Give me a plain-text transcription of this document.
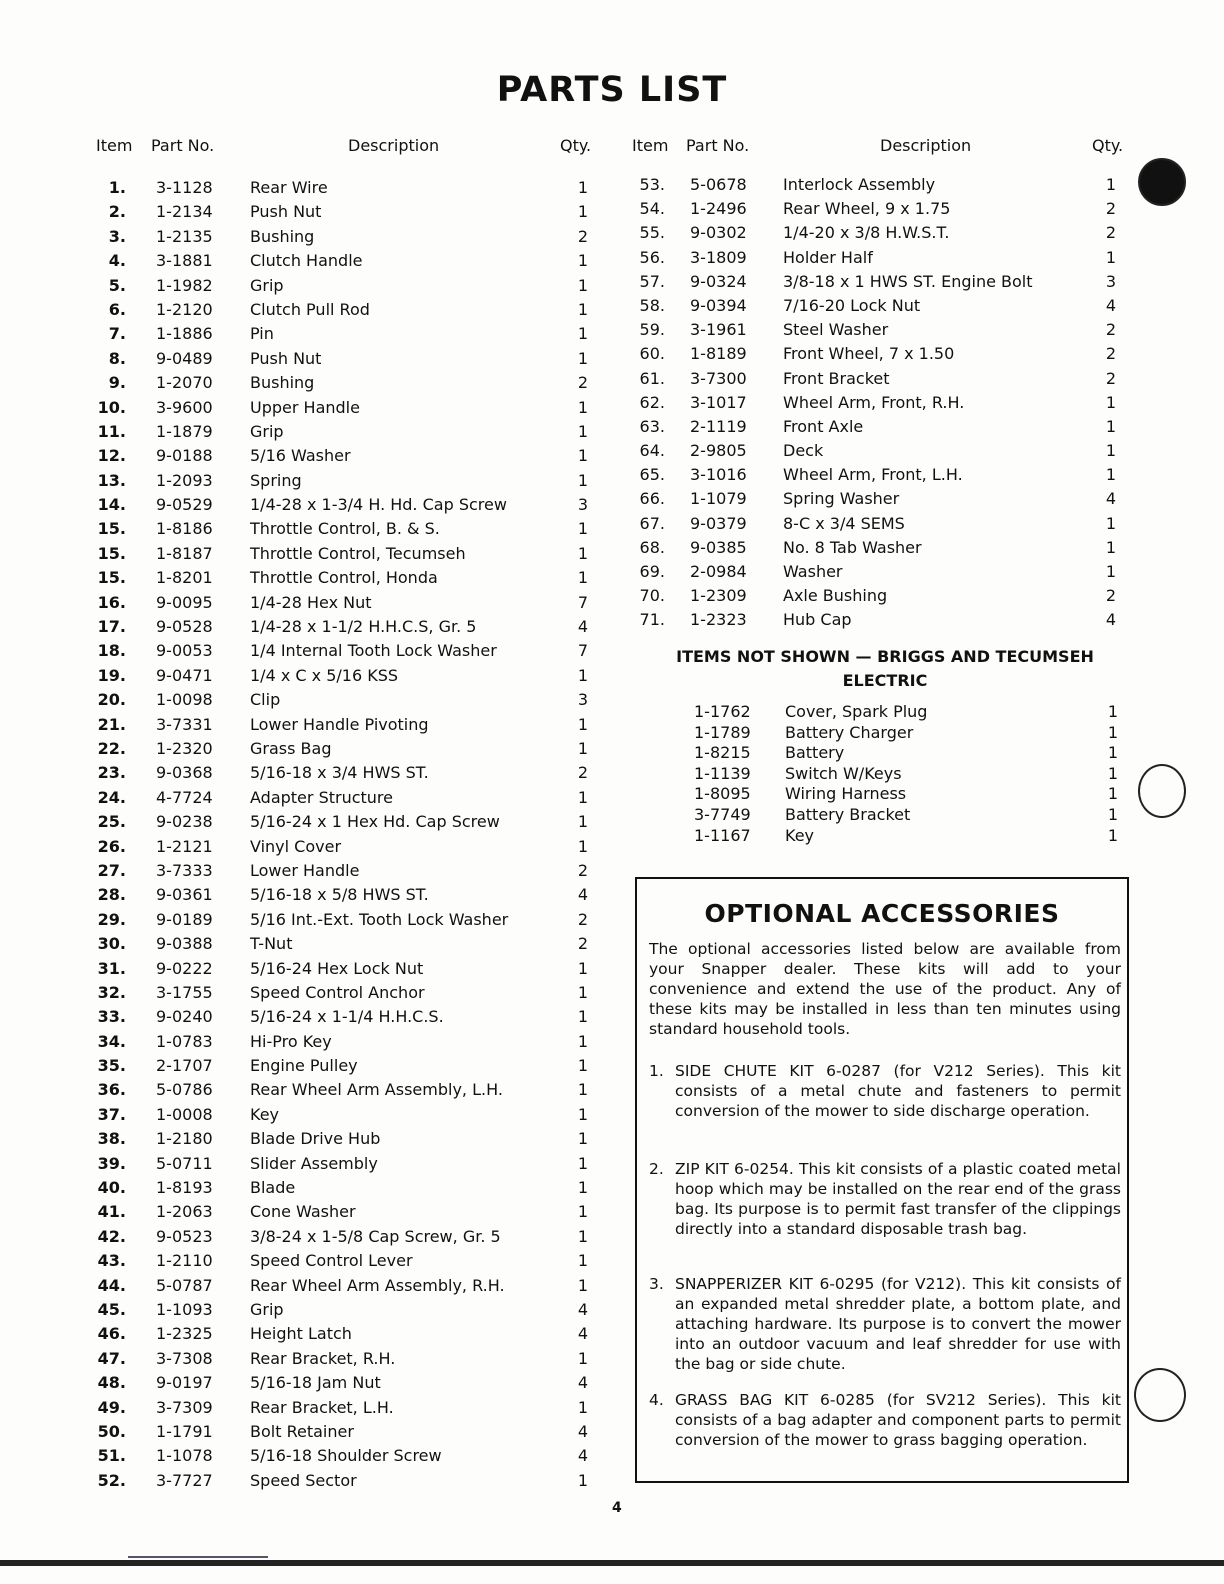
PARTS LIST
Item Part No.	Description	Qty.	Item Part No.	Description	Qty.
1. 3-1128 Rear Wire	1
2. 1-2134 Push Nut	1
3. 1-2135 Bushing	2
4. 3-1881 Clutch Handle	1
5. 1-1982 Grip	1
6. 1-2120 Clutch Pull Rod	1
7. 1-1886 Pin	1
8. 9-0489 Push Nut	1
9. 1-2070 Bushing	2
10. 3-9600 Upper Handle	1
11. 1-1879 Grip	1
12. 9-0188 5/16 Washer	1
13. 1-2093 Spring	1
14. 9-0529 1/4-28 x 1-3/4 H. Hd. Cap Screw	3
15. 1-8186 Throttle Control, B. & S.	1
15. 1-8187 Throttle Control, Tecumseh	1
15. 1-8201 Throttle Control, Honda	1
16. 9-0095 1/4-28 Hex Nut	7
17. 9-0528 1/4-28 x 1-1/2 H.H.C.S, Gr. 5	4
18. 9-0053 1/4 Internal Tooth Lock Washer	7
19. 9-0471 1/4 x C x 5/16 KSS	1
20. 1-0098 Clip	3
21. 3-7331 Lower Handle Pivoting	1
22. 1-2320 Grass Bag	1
23. 9-0368 5/16-18 x 3/4 HWS ST.	2
24. 4-7724 Adapter Structure	1
25. 9-0238 5/16-24 x 1 Hex Hd. Cap Screw	1
26. 1-2121 Vinyl Cover	1
27. 3-7333 Lower Handle	2
28. 9-0361 5/16-18 x 5/8 HWS ST.	4
29. 9-0189 5/16 Int.-Ext. Tooth Lock Washer	2
30. 9-0388 T-Nut	2
31. 9-0222 5/16-24 Hex Lock Nut	1
32. 3-1755 Speed Control Anchor	1
33. 9-0240 5/16-24 x 1-1/4 H.H.C.S.	1
34. 1-0783 Hi-Pro Key	1
35. 2-1707 Engine Pulley	1
36. 5-0786 Rear Wheel Arm Assembly, L.H.	1
37. 1-0008 Key	1
38. 1-2180 Blade Drive Hub	1
39. 5-0711 Slider Assembly	1
40. 1-8193 Blade	1
41. 1-2063 Cone Washer	1
42. 9-0523 3/8-24 x 1-5/8 Cap Screw, Gr. 5	1
43. 1-2110 Speed Control Lever	1
44. 5-0787 Rear Wheel Arm Assembly, R.H.	1
45. 1-1093 Grip	4
46. 1-2325 Height Latch	4
47. 3-7308 Rear Bracket, R.H.	1
48. 9-0197 5/16-18 Jam Nut	4
49. 3-7309 Rear Bracket, L.H.	1
50. 1-1791 Bolt Retainer	4
51. 1-1078 5/16-18 Shoulder Screw	4
52. 3-7727 Speed Sector	1
53. 5-0678 Interlock Assembly	1
54. 1-2496 Rear Wheel, 9 x 1.75	2
55. 9-0302 1/4-20 x 3/8 H.W.S.T.	2
56. 3-1809 Holder Half	1
57. 9-0324 3/8-18 x 1 HWS ST. Engine Bolt	3
58. 9-0394 7/16-20 Lock Nut	4
59. 3-1961 Steel Washer	2
60. 1-8189 Front Wheel, 7 x 1.50	2
61. 3-7300 Front Bracket	2
62. 3-1017 Wheel Arm, Front, R.H.	1
63. 2-1119 Front Axle	1
64. 2-9805 Deck	1
65. 3-1016 Wheel Arm, Front, L.H.	1
66. 1-1079 Spring Washer	4
67. 9-0379 8-C x 3/4 SEMS	1
68. 9-0385 No. 8 Tab Washer	1
69. 2-0984 Washer	1
70. 1-2309 Axle Bushing	2
71. 1-2323 Hub Cap	4
ITEMS NOT SHOWN — BRIGGS AND TECUMSEH
ELECTRIC
1-1762 Cover, Spark Plug	1
1-1789 Battery Charger	1
1-8215 Battery	1
1-1139 Switch W/Keys	1
1-8095 Wiring Harness	1
3-7749 Battery Bracket	1
1-1167 Key	1
OPTIONAL ACCESSORIES

The optional accessories listed below are available from your Snapper dealer. These kits will add to your convenience and extend the use of the product. Any of these kits may be installed in less than ten minutes using standard household tools.

1. SIDE CHUTE KIT 6-0287 (for V212 Series). This kit consists of a metal chute and fasteners to permit conversion of the mower to side discharge operation.
2. ZIP KIT 6-0254. This kit consists of a plastic coated metal hoop which may be installed on the rear end of the grass bag. Its purpose is to permit fast transfer of the clippings directly into a standard disposable trash bag.
3. SNAPPERIZER KIT 6-0295 (for V212). This kit consists of an expanded metal shredder plate, a bottom plate, and attaching hardware. Its purpose is to convert the mower into an outdoor vacuum and leaf shredder for use with the bag or side chute.
4. GRASS BAG KIT 6-0285 (for SV212 Series). This kit consists of a bag adapter and component parts to permit conversion of the mower to grass bagging operation.
4
